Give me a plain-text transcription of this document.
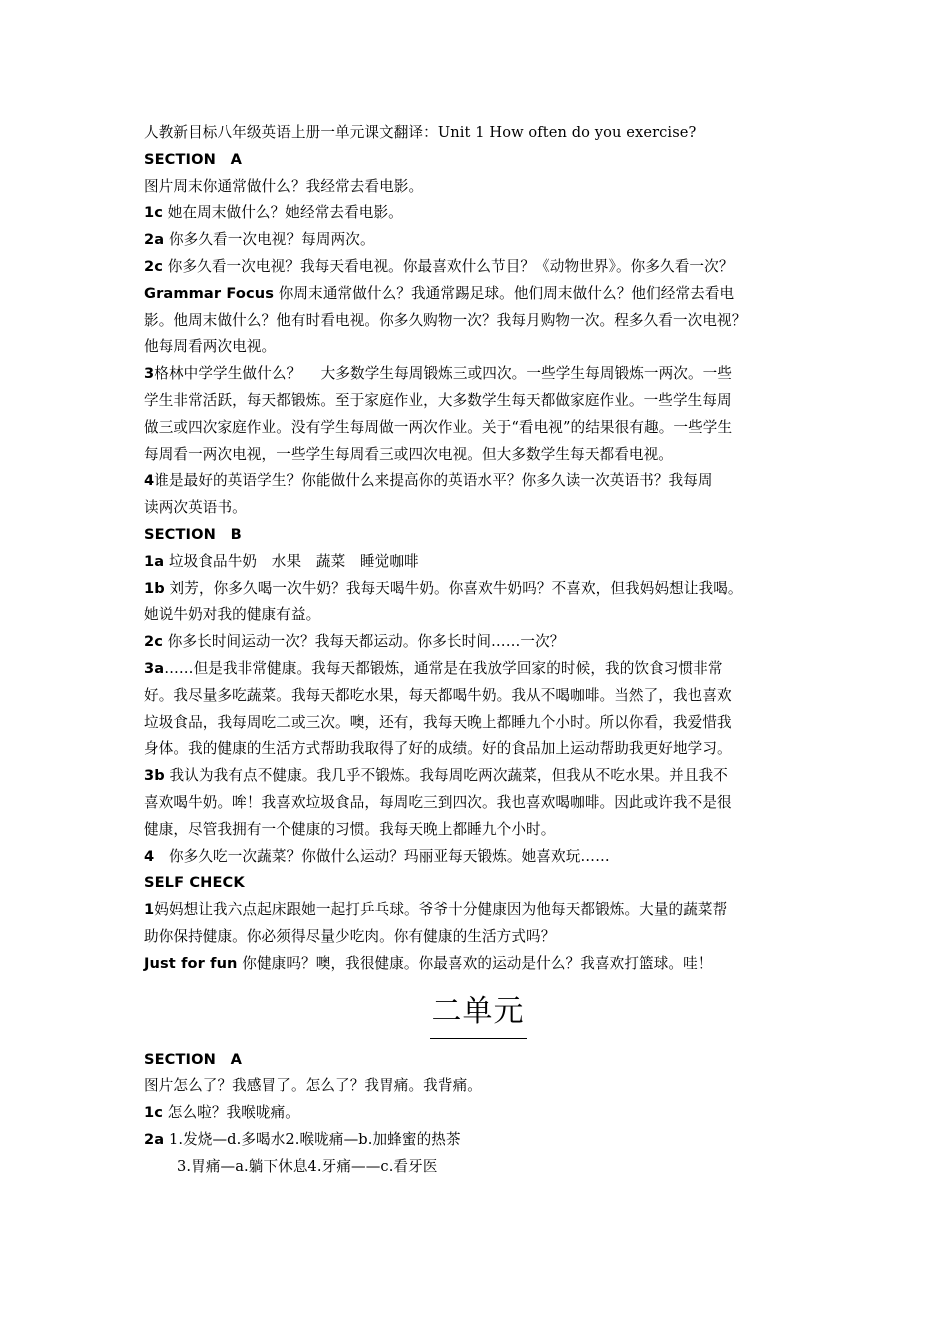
人教新目标八年级英语上册一单元课文翻译：Unit 1 How often do you exercise?
SECTION　A
图片周末你通常做什么？我经常去看电影。
1c 她在周末做什么？她经常去看电影。
2a 你多久看一次电视？每周两次。
2c 你多久看一次电视？我每天看电视。你最喜欢什么节目？《动物世界》。你多久看一次？
Grammar Focus 你周末通常做什么？我通常踢足球。他们周末做什么？他们经常去看电
影。他周末做什么？他有时看电视。你多久购物一次？我每月购物一次。程多久看一次电视？
他每周看两次电视。
3格林中学学生做什么？　 大多数学生每周锻炼三或四次。一些学生每周锻炼一两次。一些
学生非常活跃，每天都锻炼。至于家庭作业，大多数学生每天都做家庭作业。一些学生每周
做三或四次家庭作业。没有学生每周做一两次作业。关于“看电视”的结果很有趣。一些学生
每周看一两次电视，一些学生每周看三或四次电视。但大多数学生每天都看电视。
4谁是最好的英语学生？你能做什么来提高你的英语水平？你多久读一次英语书？我每周
读两次英语书。
SECTION　B
1a 垃圾食品牛奶　水果　蔬菜　睡觉咖啡
1b 刘芳，你多久喝一次牛奶？我每天喝牛奶。你喜欢牛奶吗？不喜欢，但我妈妈想让我喝。
她说牛奶对我的健康有益。
2c 你多长时间运动一次？我每天都运动。你多长时间……一次？
3a……但是我非常健康。我每天都锻炼，通常是在我放学回家的时候，我的饮食习惯非常
好。我尽量多吃蔬菜。我每天都吃水果，每天都喝牛奶。我从不喝咖啡。当然了，我也喜欢
垃圾食品，我每周吃二或三次。噢，还有，我每天晚上都睡九个小时。所以你看，我爱惜我
身体。我的健康的生活方式帮助我取得了好的成绩。好的食品加上运动帮助我更好地学习。
3b 我认为我有点不健康。我几乎不锻炼。我每周吃两次蔬菜，但我从不吃水果。并且我不
喜欢喝牛奶。哞！我喜欢垃圾食品，每周吃三到四次。我也喜欢喝咖啡。因此或许我不是很
健康，尽管我拥有一个健康的习惯。我每天晚上都睡九个小时。
4　你多久吃一次蔬菜？你做什么运动？玛丽亚每天锻炼。她喜欢玩……
SELF CHECK
1妈妈想让我六点起床跟她一起打乒乓球。爷爷十分健康因为他每天都锻炼。大量的蔬菜帮
助你保持健康。你必须得尽量少吃肉。你有健康的生活方式吗？
Just for fun 你健康吗？噢，我很健康。你最喜欢的运动是什么？我喜欢打篮球。哇！
二单元
SECTION　A
图片怎么了？我感冒了。怎么了？我胃痛。我背痛。
1c 怎么啦？我喉咙痛。
2a 1.发烧—d.多喝水2.喉咙痛—b.加蜂蜜的热茶
3.胃痛—a.躺下休息4.牙痛——c.看牙医
